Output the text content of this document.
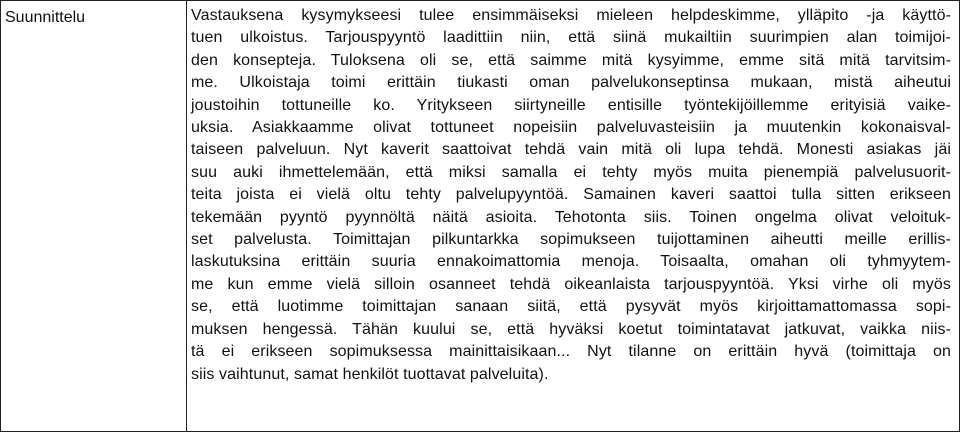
Suunnittelu	Vastauksena kysymykseesi tulee ensimmäiseksi mieleen helpdeskimme, ylläpito -ja käyttö-
tuen ulkoistus. Tarjouspyyntö laadittiin niin, että siinä mukailtiin suurimpien alan toimijoi-
den konsepteja. Tuloksena oli se, että saimme mitä kysyimme, emme sitä mitä tarvitsim-
me. Ulkoistaja toimi erittäin tiukasti oman palvelukonseptinsa mukaan, mistä aiheutui
joustoihin tottuneille ko. Yritykseen siirtyneille entisille työntekijöillemme erityisiä vaike-
uksia. Asiakkaamme olivat tottuneet nopeisiin palveluvasteisiin ja muutenkin kokonaisval-
taiseen palveluun. Nyt kaverit saattoivat tehdä vain mitä oli lupa tehdä. Monesti asiakas jäi
suu auki ihmettelemään, että miksi samalla ei tehty myös muita pienempiä palvelusuorit-
teita joista ei vielä oltu tehty palvelupyyntöä. Samainen kaveri saattoi tulla sitten erikseen
tekemään pyyntö pyynnöltä näitä asioita. Tehotonta siis. Toinen ongelma olivat veloituk-
set palvelusta. Toimittajan pilkuntarkka sopimukseen tuijottaminen aiheutti meille erillis-
laskutuksina erittäin suuria ennakoimattomia menoja. Toisaalta, omahan oli tyhmyytem-
me kun emme vielä silloin osanneet tehdä oikeanlaista tarjouspyyntöä. Yksi virhe oli myös
se, että luotimme toimittajan sanaan siitä, että pysyvät myös kirjoittamattomassa sopi-
muksen hengessä. Tähän kuului se, että hyväksi koetut toimintatavat jatkuvat, vaikka niis-
tä ei erikseen sopimuksessa mainittaisikaan... Nyt tilanne on erittäin hyvä (toimittaja on
siis vaihtunut, samat henkilöt tuottavat palveluita).
